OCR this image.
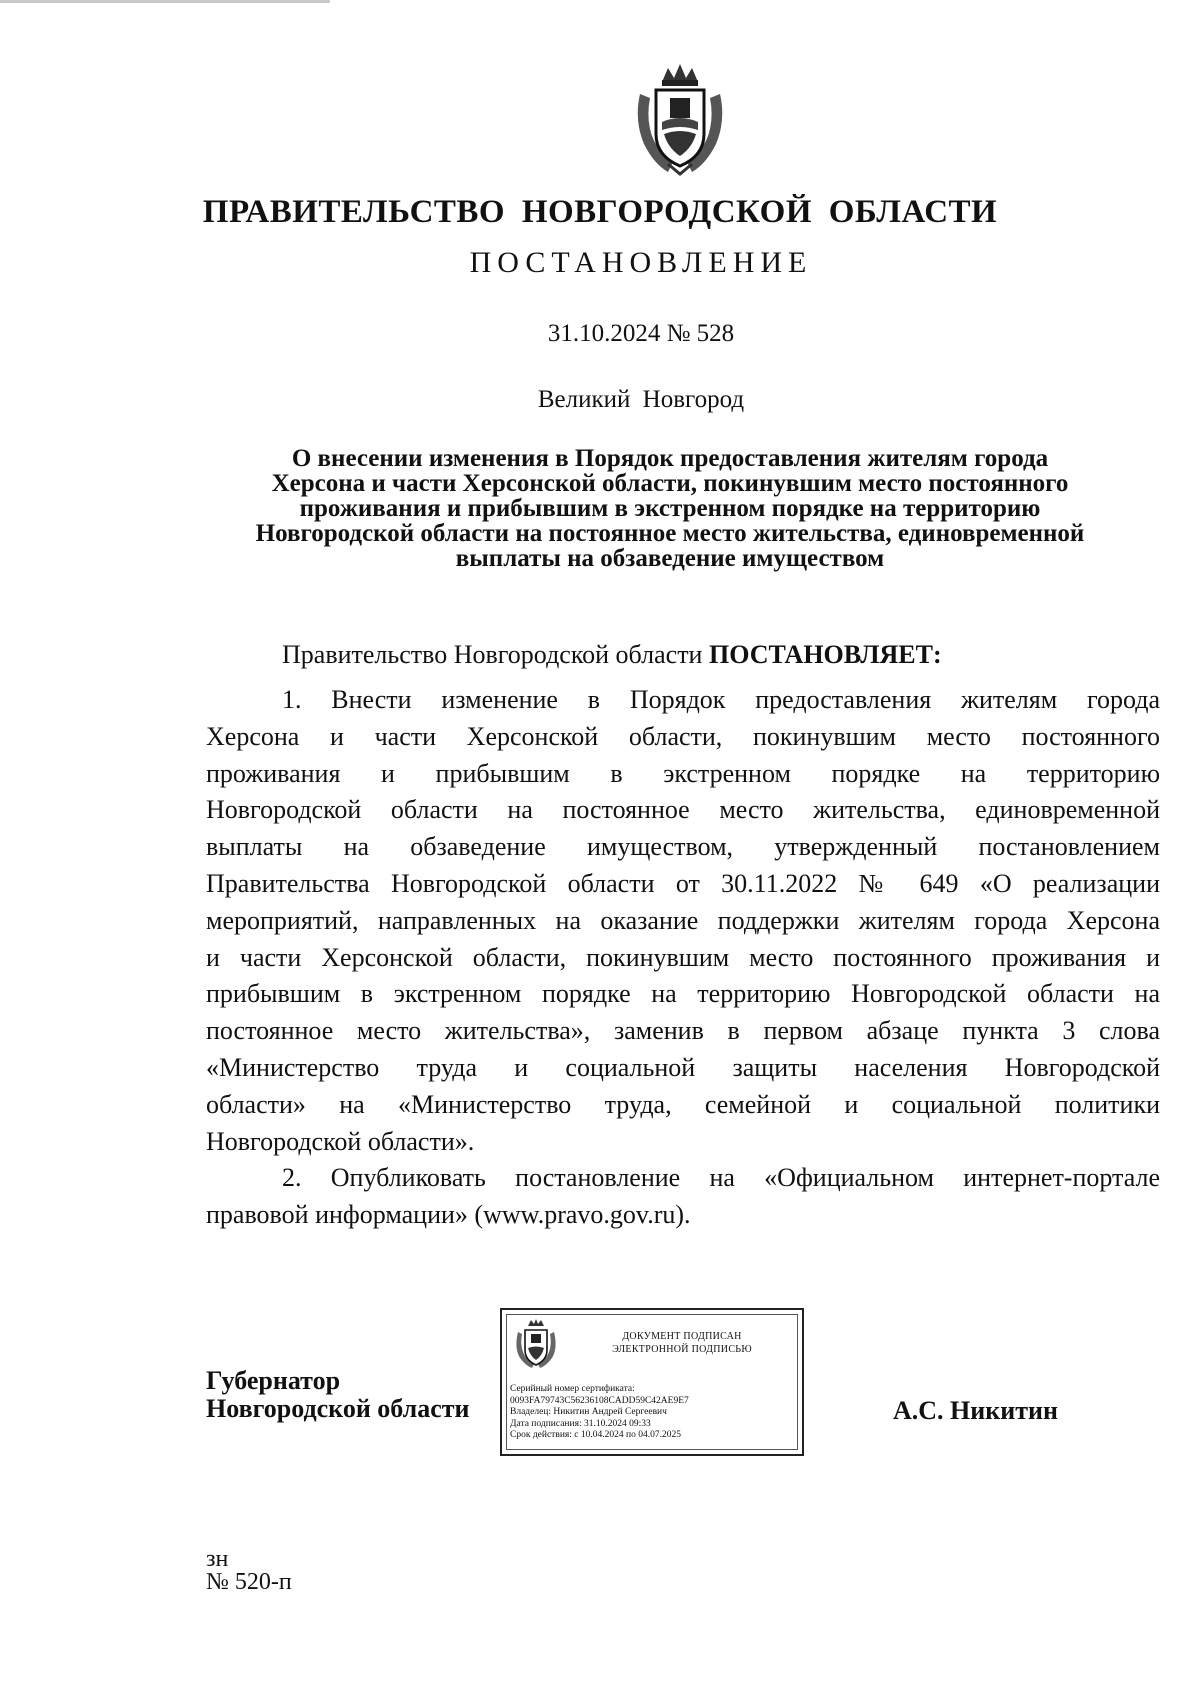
ПРАВИТЕЛЬСТВО НОВГОРОДСКОЙ ОБЛАСТИ
ПОСТАНОВЛЕНИЕ
31.10.2024 № 528
Великий Новгород
О внесении изменения в Порядок предоставления жителям города
Херсона и части Херсонской области, покинувшим место постоянного
проживания и прибывшим в экстренном порядке на территорию
Новгородской области на постоянное место жительства, единовременной
выплаты на обзаведение имуществом
Правительство Новгородской области ПОСТАНОВЛЯЕТ:
1. Внести изменение в Порядок предоставления жителям города
Херсона и части Херсонской области, покинувшим место постоянного
проживания и прибывшим в экстренном порядке на территорию
Новгородской области на постоянное место жительства, единовременной
выплаты на обзаведение имуществом, утвержденный постановлением
Правительства Новгородской области от 30.11.2022 № 649 «О реализации
мероприятий, направленных на оказание поддержки жителям города Херсона
и части Херсонской области, покинувшим место постоянного проживания и
прибывшим в экстренном порядке на территорию Новгородской области на
постоянное место жительства», заменив в первом абзаце пункта 3 слова
«Министерство труда и социальной защиты населения Новгородской
области» на «Министерство труда, семейной и социальной политики
Новгородской области».
2. Опубликовать постановление на «Официальном интернет-портале
правовой информации» (www.pravo.gov.ru).
Губернатор
Новгородской области
ДОКУМЕНТ ПОДПИСАН
ЭЛЕКТРОННОЙ ПОДПИСЬЮ
Серийный номер сертификата:
0093FA79743C56236108CADD59C42AE9E7
Владелец: Никитин Андрей Сергеевич
Дата подписания: 31.10.2024 09:33
Срок действия: с 10.04.2024 по 04.07.2025
А.С. Никитин
зн
№ 520-п
